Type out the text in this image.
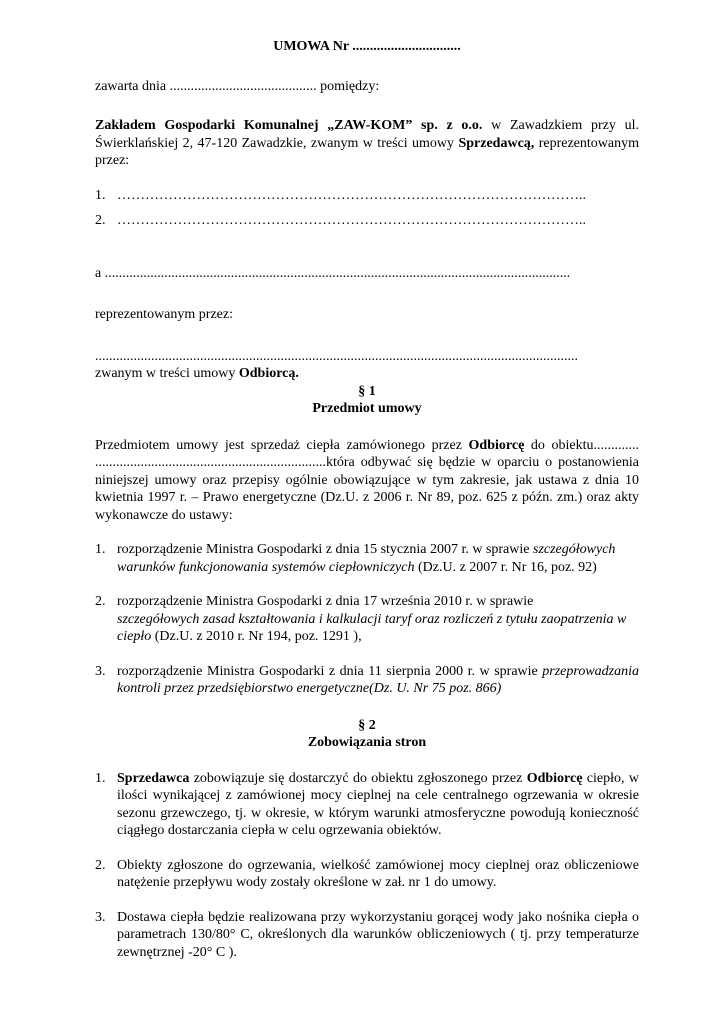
UMOWA Nr ...............................

zawarta dnia .......................................... pomiędzy:

Zakładem Gospodarki Komunalnej „ZAW-KOM” sp. z o.o. w Zawadzkiem przy ul. Świerklańskiej 2, 47-120 Zawadzkie, zwanym w treści umowy Sprzedawcą, reprezentowanym przez:

1. ………………………………………………………………………………………..
2. ………………………………………………………………………………………..

a .....................................................................................................................................

reprezentowanym przez:

..........................................................................................................................................

zwanym w treści umowy Odbiorcą.

§ 1

Przedmiot umowy

Przedmiotem umowy jest sprzedaż ciepła zamówionego przez Odbiorcę do obiektu............. ..................................................................która odbywać się będzie w oparciu o postanowienia niniejszej umowy oraz przepisy ogólnie obowiązujące w tym zakresie, jak ustawa z dnia 10 kwietnia 1997 r. – Prawo energetyczne (Dz.U. z 2006 r. Nr 89, poz. 625 z późn. zm.) oraz akty wykonawcze do ustawy:

1. rozporządzenie Ministra Gospodarki z dnia 15 stycznia 2007 r. w sprawie szczegółowych warunków funkcjonowania systemów ciepłowniczych (Dz.U. z 2007 r. Nr 16, poz. 92)

2. rozporządzenie Ministra Gospodarki z dnia 17 września 2010 r. w sprawie
szczegółowych zasad kształtowania i kalkulacji taryf oraz rozliczeń z tytułu zaopatrzenia w ciepło (Dz.U. z 2010 r. Nr 194, poz. 1291 ),

3. rozporządzenie Ministra Gospodarki z dnia 11 sierpnia 2000 r. w sprawie przeprowadzania kontroli przez przedsiębiorstwo energetyczne(Dz. U. Nr 75 poz. 866)

§ 2

Zobowiązania stron

1. Sprzedawca zobowiązuje się dostarczyć do obiektu zgłoszonego przez Odbiorcę ciepło, w ilości wynikającej z zamówionej mocy cieplnej na cele centralnego ogrzewania w okresie sezonu grzewczego, tj. w okresie, w którym warunki atmosferyczne powodują konieczność ciągłego dostarczania ciepła w celu ogrzewania obiektów.

2. Obiekty zgłoszone do ogrzewania, wielkość zamówionej mocy cieplnej oraz obliczeniowe natężenie przepływu wody zostały określone w zał. nr 1 do umowy.

3. Dostawa ciepła będzie realizowana przy wykorzystaniu gorącej wody jako nośnika ciepła o parametrach 130/80° C, określonych dla warunków obliczeniowych ( tj. przy temperaturze zewnętrznej -20° C ).
